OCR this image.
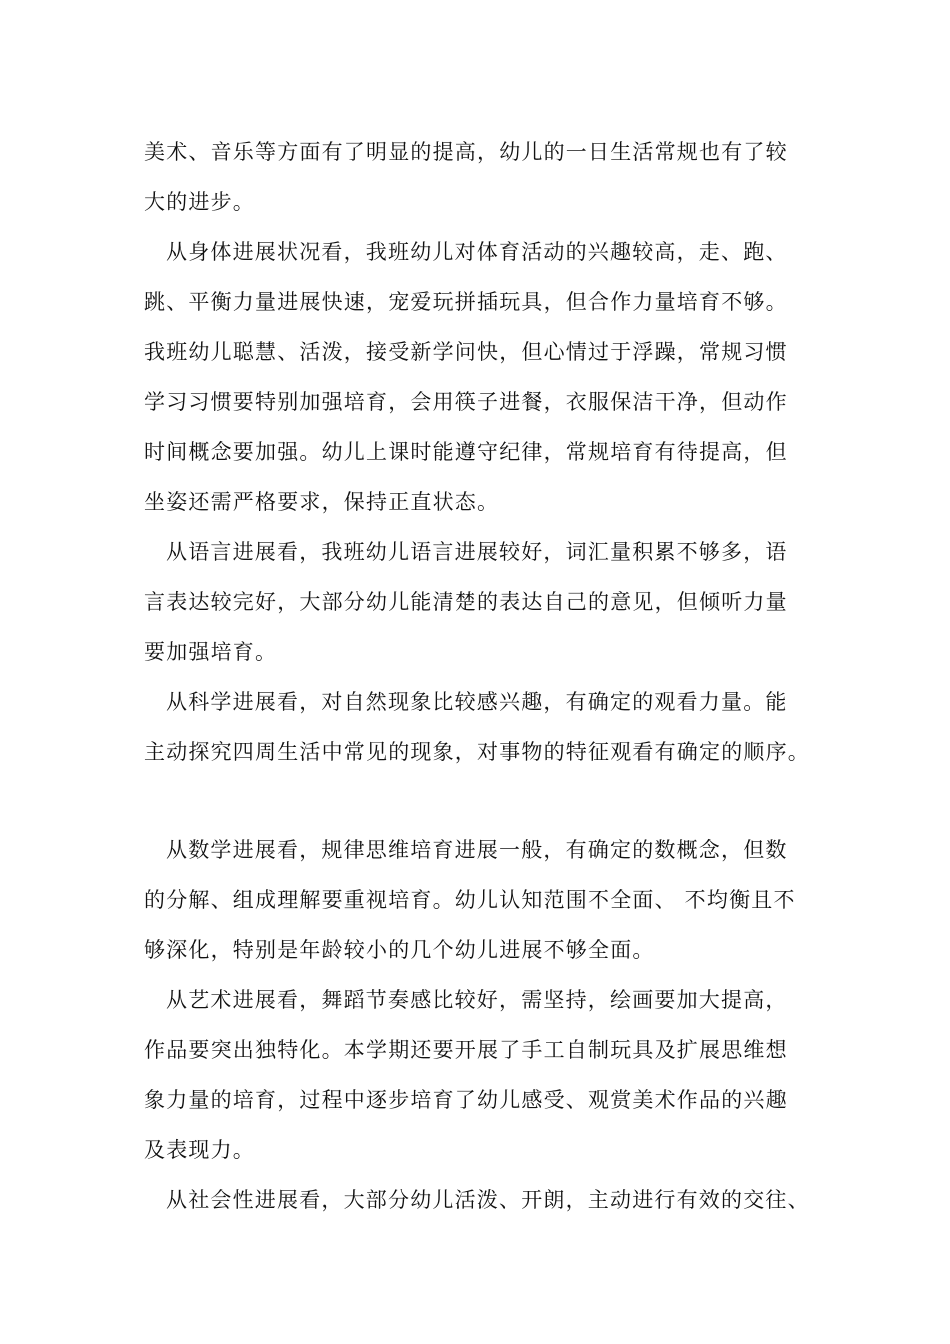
美术、音乐等方面有了明显的提高，幼儿的一日生活常规也有了较
大的进步。
从身体进展状况看，我班幼儿对体育活动的兴趣较高，走、跑、
跳、平衡力量进展快速，宠爱玩拼插玩具，但合作力量培育不够。
我班幼儿聪慧、活泼，接受新学问快，但心情过于浮躁，常规习惯
学习习惯要特别加强培育，会用筷子进餐，衣服保洁干净，但动作
时间概念要加强。幼儿上课时能遵守纪律，常规培育有待提高，但
坐姿还需严格要求，保持正直状态。
从语言进展看，我班幼儿语言进展较好，词汇量积累不够多，语
言表达较完好，大部分幼儿能清楚的表达自己的意见，但倾听力量
要加强培育。
从科学进展看，对自然现象比较感兴趣，有确定的观看力量。能
主动探究四周生活中常见的现象，对事物的特征观看有确定的顺序。
从数学进展看，规律思维培育进展一般，有确定的数概念，但数
的分解、组成理解要重视培育。幼儿认知范围不全面、 不均衡且不
够深化，特别是年龄较小的几个幼儿进展不够全面。
从艺术进展看，舞蹈节奏感比较好，需坚持，绘画要加大提高，
作品要突出独特化。本学期还要开展了手工自制玩具及扩展思维想
象力量的培育，过程中逐步培育了幼儿感受、观赏美术作品的兴趣
及表现力。
从社会性进展看，大部分幼儿活泼、开朗，主动进行有效的交往、
